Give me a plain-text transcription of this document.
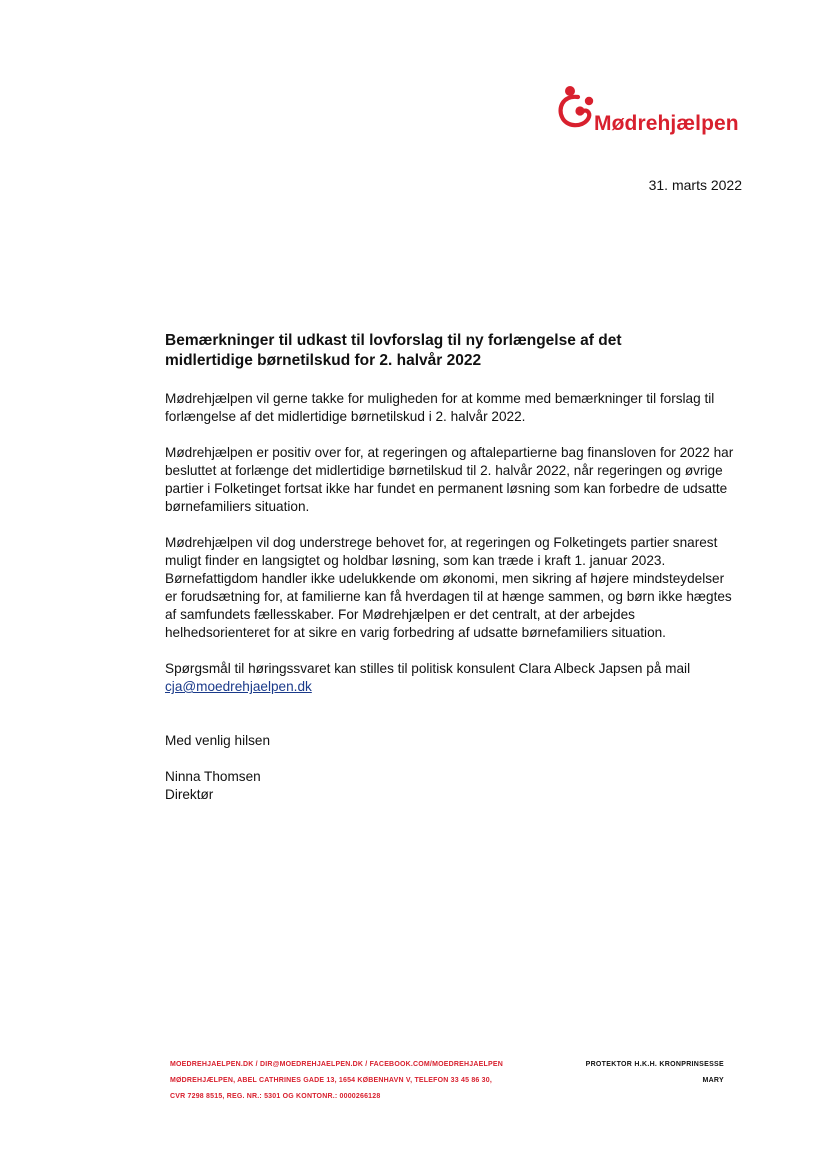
Mødrehjælpen
31. marts 2022
Bemærkninger til udkast til lovforslag til ny forlængelse af det
midlertidige børnetilskud for 2. halvår 2022
Mødrehjælpen vil gerne takke for muligheden for at komme med bemærkninger til forslag til
forlængelse af det midlertidige børnetilskud i 2. halvår 2022.
Mødrehjælpen er positiv over for, at regeringen og aftalepartierne bag finansloven for 2022 har
besluttet at forlænge det midlertidige børnetilskud til 2. halvår 2022, når regeringen og øvrige
partier i Folketinget fortsat ikke har fundet en permanent løsning som kan forbedre de udsatte
børnefamiliers situation.
Mødrehjælpen vil dog understrege behovet for, at regeringen og Folketingets partier snarest
muligt finder en langsigtet og holdbar løsning, som kan træde i kraft 1. januar 2023.
Børnefattigdom handler ikke udelukkende om økonomi, men sikring af højere mindsteydelser
er forudsætning for, at familierne kan få hverdagen til at hænge sammen, og børn ikke hægtes
af samfundets fællesskaber. For Mødrehjælpen er det centralt, at der arbejdes
helhedsorienteret for at sikre en varig forbedring af udsatte børnefamiliers situation.
Spørgsmål til høringssvaret kan stilles til politisk konsulent Clara Albeck Japsen på mail
cja@moedrehjaelpen.dk
Med venlig hilsen
Ninna Thomsen
Direktør
MOEDREHJAELPEN.DK / DIR@MOEDREHJAELPEN.DK / FACEBOOK.COM/MOEDREHJAELPEN
MØDREHJÆLPEN, ABEL CATHRINES GADE 13, 1654 KØBENHAVN V, TELEFON 33 45 86 30,
CVR 7298 8515, REG. NR.: 5301 OG KONTONR.: 0000266128
PROTEKTOR H.K.H. KRONPRINSESSE
MARY
